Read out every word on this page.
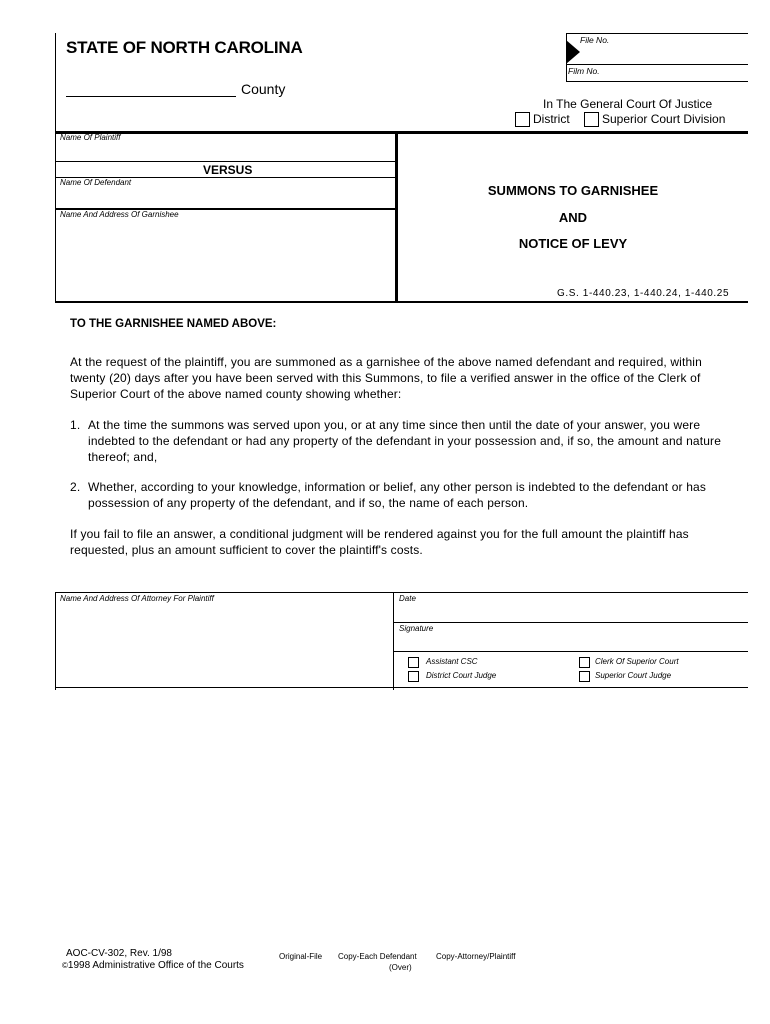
STATE OF NORTH CAROLINA
County
File No.
Film No.
In The General Court Of Justice
District	Superior Court Division
Name Of Plaintiff
VERSUS
Name Of Defendant
Name And Address Of Garnishee
SUMMONS TO GARNISHEE
AND
NOTICE OF LEVY
G.S. 1-440.23, 1-440.24, 1-440.25
TO THE GARNISHEE NAMED ABOVE:
At the request of the plaintiff, you are summoned as a garnishee of the above named defendant and required, within
twenty (20) days after you have been served with this Summons, to file a verified answer in the office of the Clerk of
Superior Court of the above named county showing whether:
1. At the time the summons was served upon you, or at any time since then until the date of your answer, you were
indebted to the defendant or had any property of the defendant in your possession and, if so, the amount and nature
thereof; and,
2. Whether, according to your knowledge, information or belief, any other person is indebted to the defendant or has
possession of any property of the defendant, and if so, the name of each person.
If you fail to file an answer, a conditional judgment will be rendered against you for the full amount the plaintiff has
requested, plus an amount sufficient to cover the plaintiff's costs.
Name And Address Of Attorney For Plaintiff	Date
Signature
Assistant CSC	Clerk Of Superior Court
District Court Judge	Superior Court Judge
AOC-CV-302, Rev. 1/98
©1998 Administrative Office of the Courts
Original-File Copy-Each Defendant Copy-Attorney/Plaintiff
(Over)
